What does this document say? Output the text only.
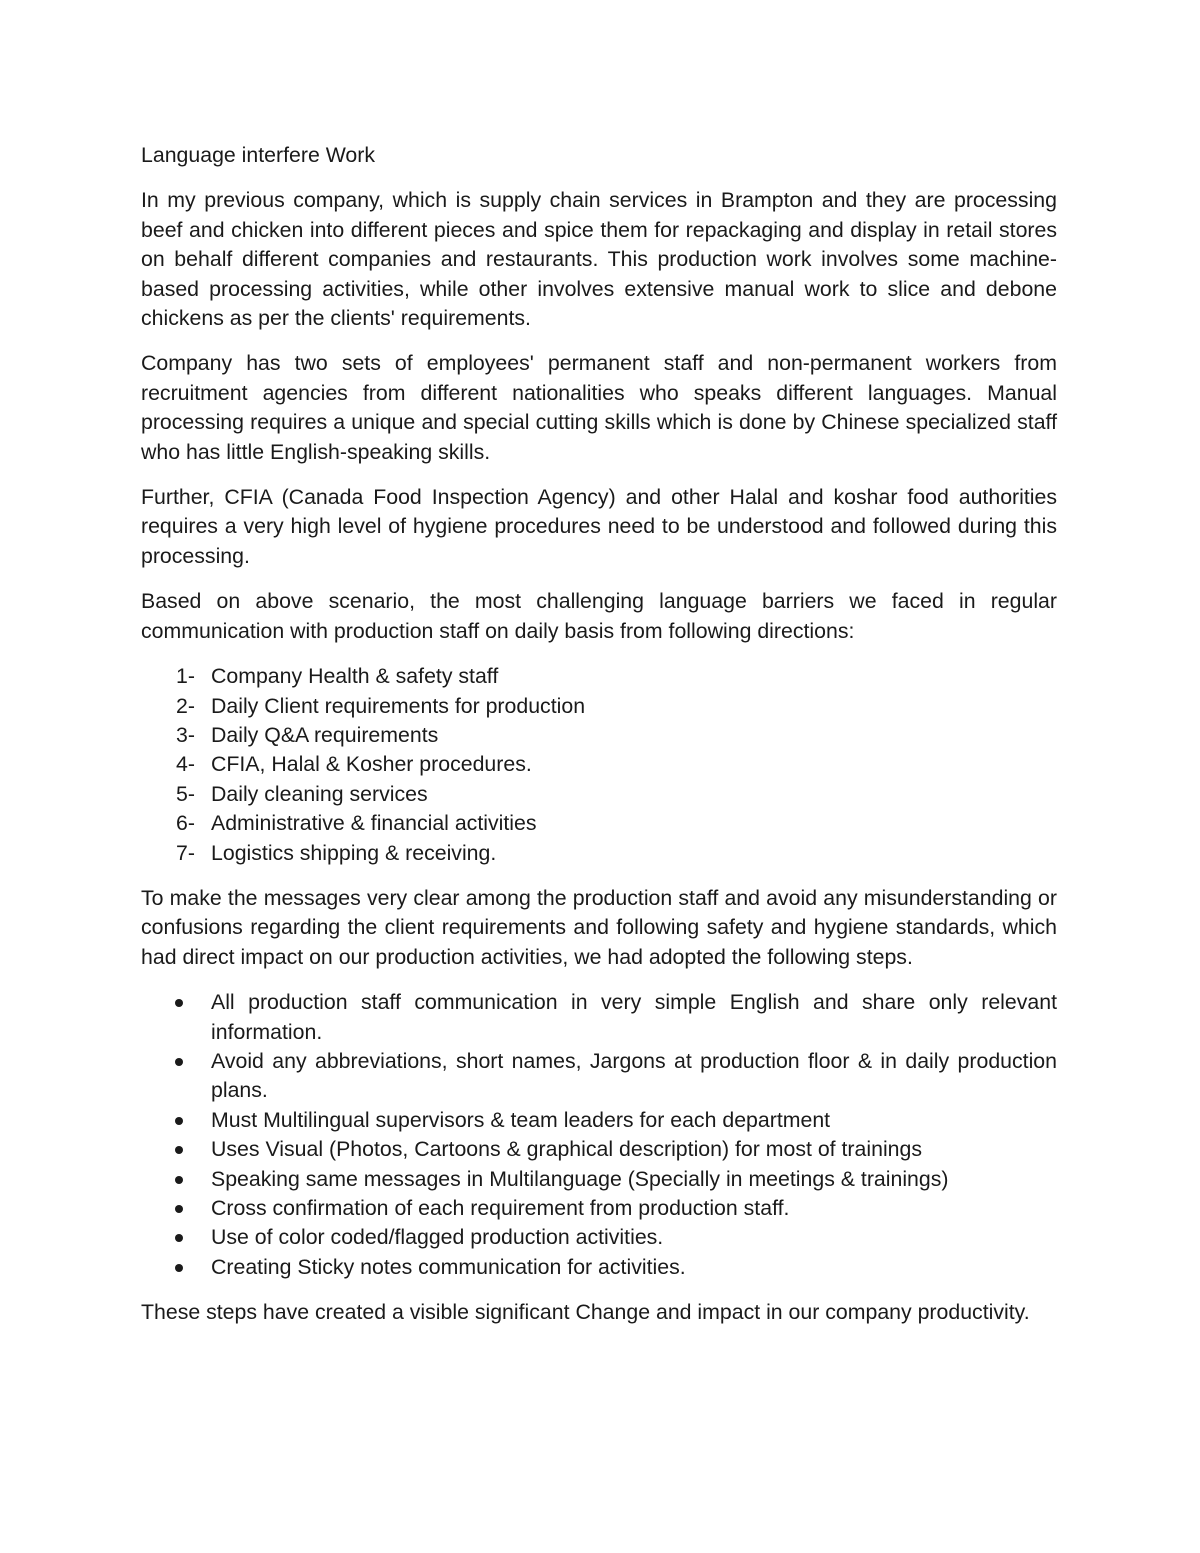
Language interfere Work

In my previous company, which is supply chain services in Brampton and they are processing beef and chicken into different pieces and spice them for repackaging and display in retail stores on behalf different companies and restaurants. This production work involves some machine-based processing activities, while other involves extensive manual work to slice and debone chickens as per the clients' requirements.

Company has two sets of employees' permanent staff and non-permanent workers from recruitment agencies from different nationalities who speaks different languages. Manual processing requires a unique and special cutting skills which is done by Chinese specialized staff who has little English-speaking skills.

Further, CFIA (Canada Food Inspection Agency) and other Halal and koshar food authorities requires a very high level of hygiene procedures need to be understood and followed during this processing.

Based on above scenario, the most challenging language barriers we faced in regular communication with production staff on daily basis from following directions:

1- Company Health & safety staff
2- Daily Client requirements for production
3- Daily Q&A requirements
4- CFIA, Halal & Kosher procedures.
5- Daily cleaning services
6- Administrative & financial activities
7- Logistics shipping & receiving.

To make the messages very clear among the production staff and avoid any misunderstanding or confusions regarding the client requirements and following safety and hygiene standards, which had direct impact on our production activities, we had adopted the following steps.

All production staff communication in very simple English and share only relevant information.
Avoid any abbreviations, short names, Jargons at production floor & in daily production plans.
Must Multilingual supervisors & team leaders for each department
Uses Visual (Photos, Cartoons & graphical description) for most of trainings
Speaking same messages in Multilanguage (Specially in meetings & trainings)
Cross confirmation of each requirement from production staff.
Use of color coded/flagged production activities.
Creating Sticky notes communication for activities.

These steps have created a visible significant Change and impact in our company productivity.
